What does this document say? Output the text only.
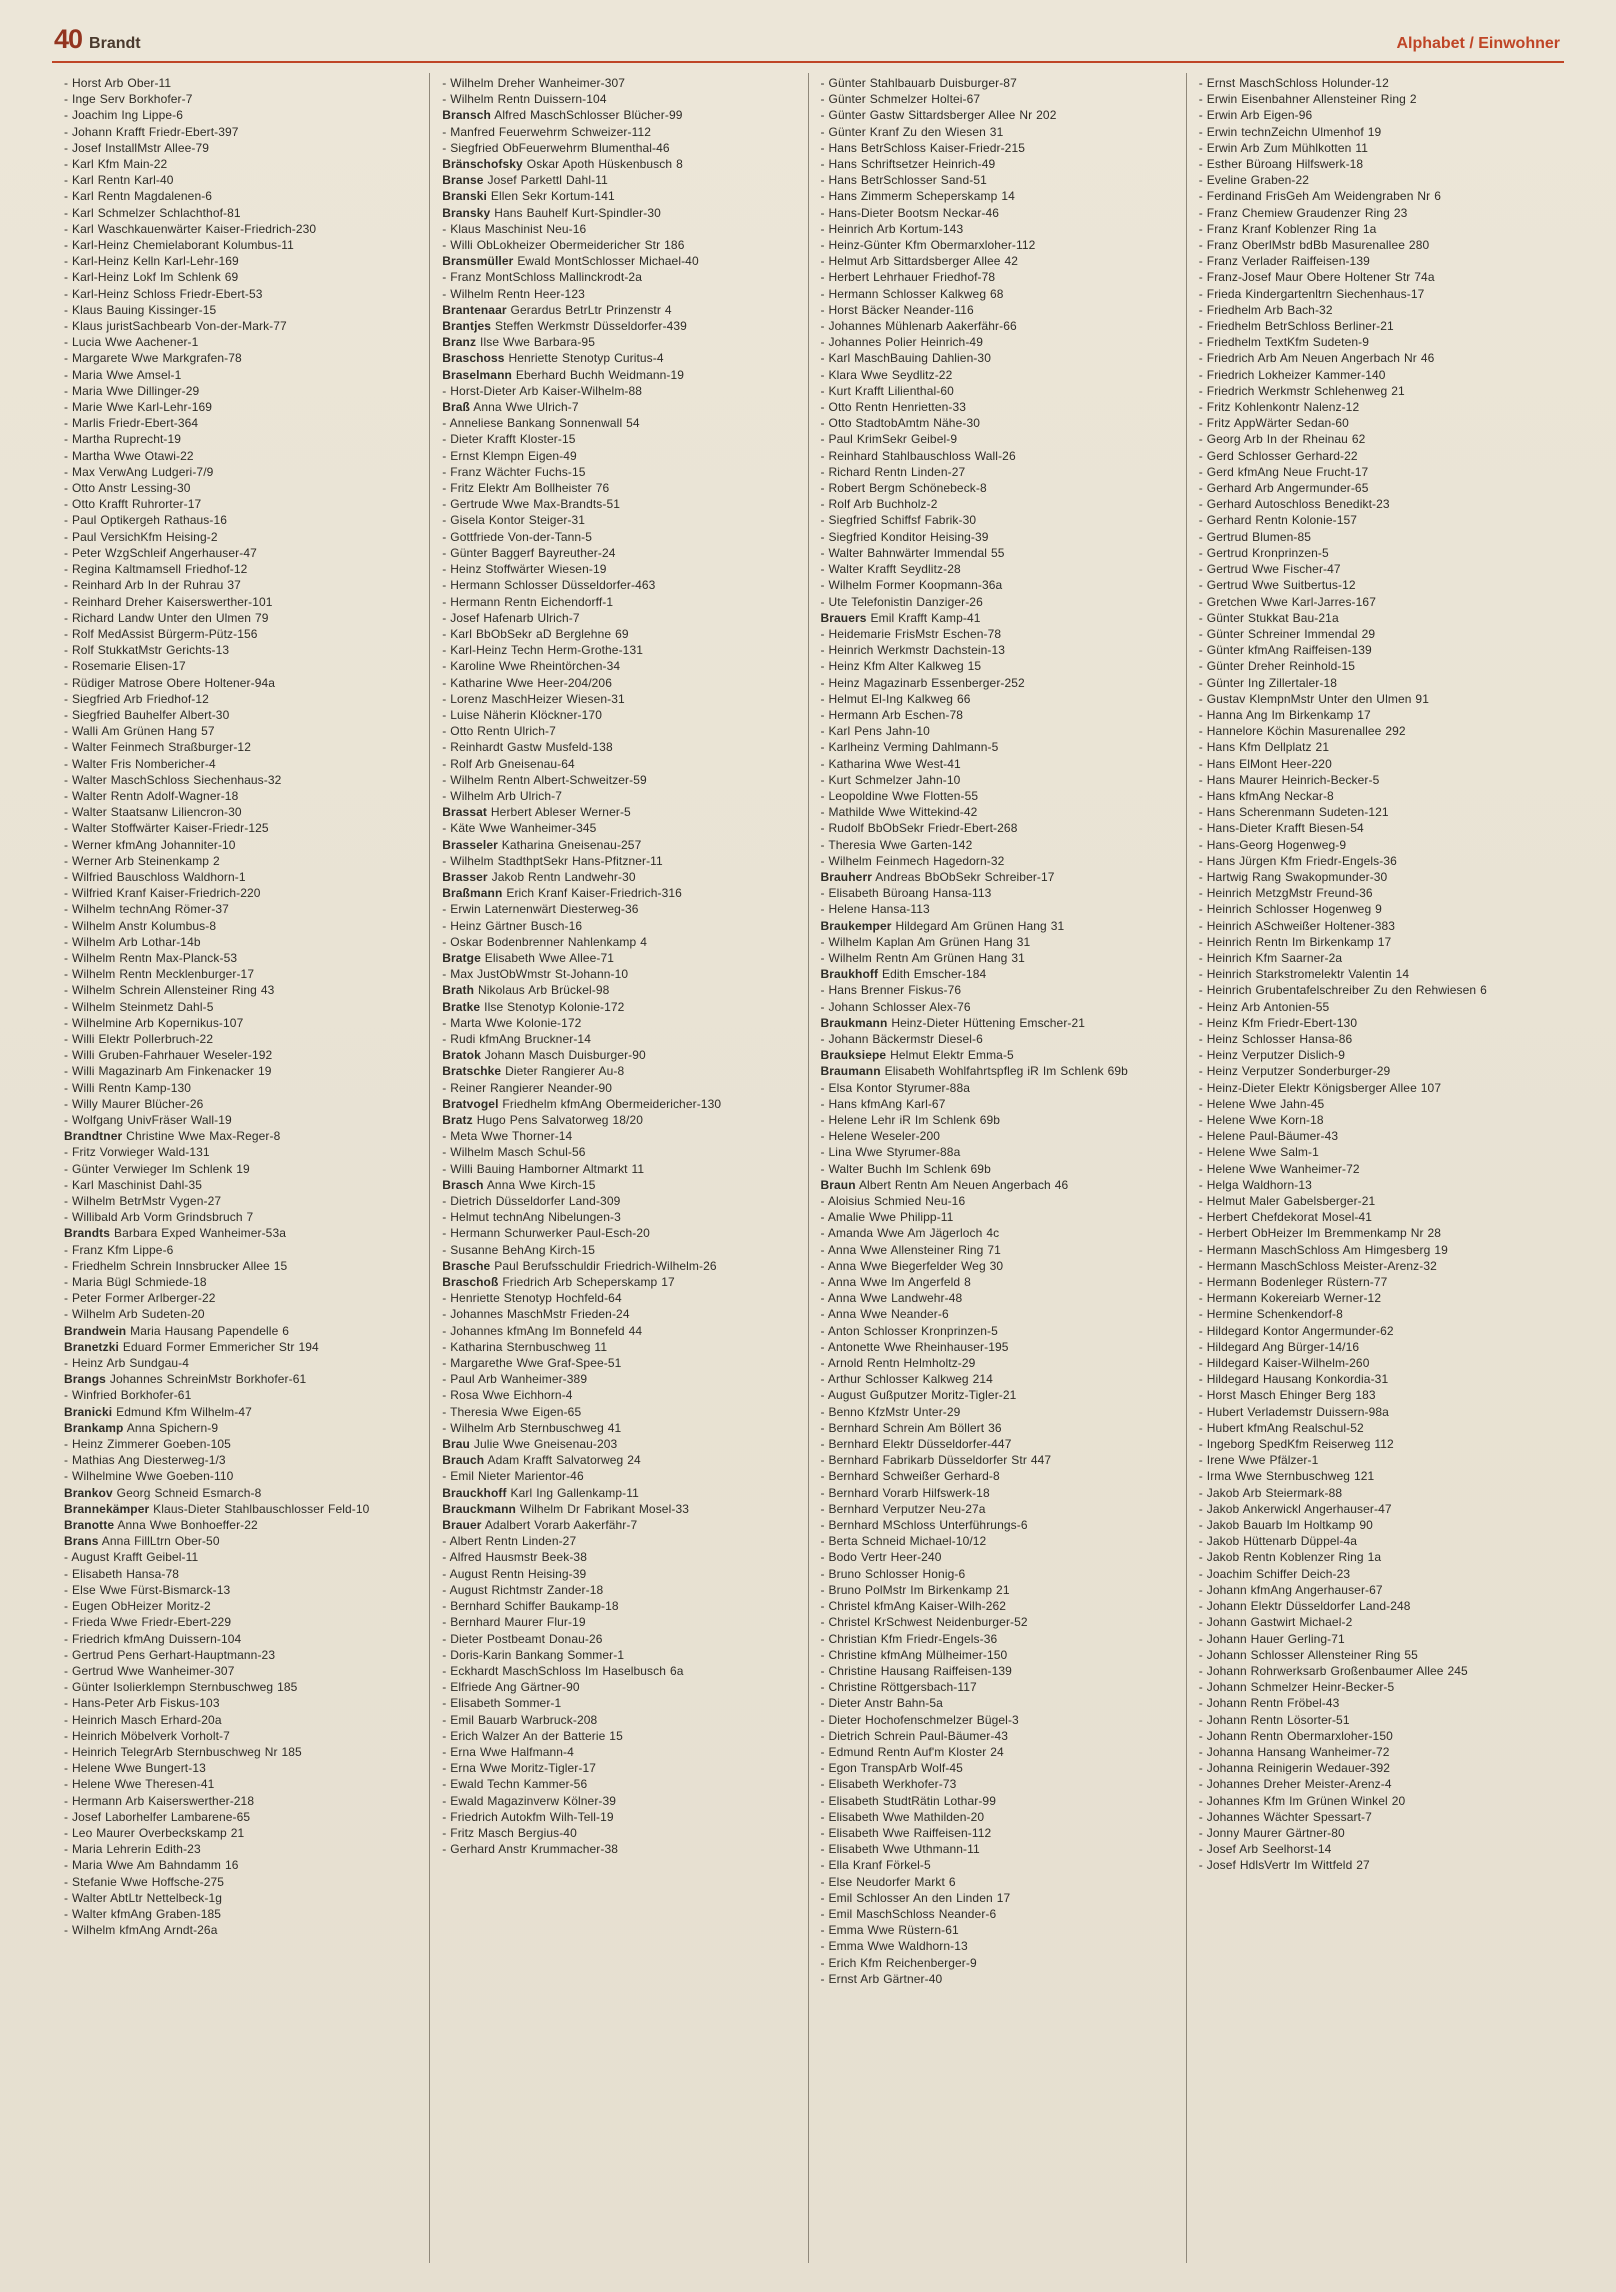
40 Brandt	Alphabet / Einwohner

- Horst Arb Ober-11

- Inge Serv Borkhofer-7

- Joachim Ing Lippe-6

- Johann Krafft Friedr-Ebert-397

- Josef InstallMstr Allee-79

- Karl Kfm Main-22

- Karl Rentn Karl-40

- Karl Rentn Magdalenen-6

- Karl Schmelzer Schlachthof-81

- Karl Waschkauenwärter Kaiser-Friedrich-230

- Karl-Heinz Chemielaborant Kolumbus-11

- Karl-Heinz Kelln Karl-Lehr-169

- Karl-Heinz Lokf Im Schlenk 69

- Karl-Heinz Schloss Friedr-Ebert-53

- Klaus Bauing Kissinger-15

- Klaus juristSachbearb Von-der-Mark-77

- Lucia Wwe Aachener-1

- Margarete Wwe Markgrafen-78

- Maria Wwe Amsel-1

- Maria Wwe Dillinger-29

- Marie Wwe Karl-Lehr-169

- Marlis Friedr-Ebert-364

- Martha Ruprecht-19

- Martha Wwe Otawi-22

- Max VerwAng Ludgeri-7/9

- Otto Anstr Lessing-30

- Otto Krafft Ruhrorter-17

- Paul Optikergeh Rathaus-16

- Paul VersichKfm Heising-2

- Peter WzgSchleif Angerhauser-47

- Regina Kaltmamsell Friedhof-12

- Reinhard Arb In der Ruhrau 37

- Reinhard Dreher Kaiserswerther-101

- Richard Landw Unter den Ulmen 79

- Rolf MedAssist Bürgerm-Pütz-156

- Rolf StukkatMstr Gerichts-13

- Rosemarie Elisen-17

- Rüdiger Matrose Obere Holtener-94a

- Siegfried Arb Friedhof-12

- Siegfried Bauhelfer Albert-30

- Walli Am Grünen Hang 57

- Walter Feinmech Straßburger-12

- Walter Fris Nombericher-4

- Walter MaschSchloss Siechenhaus-32

- Walter Rentn Adolf-Wagner-18

- Walter Staatsanw Liliencron-30

- Walter Stoffwärter Kaiser-Friedr-125

- Werner kfmAng Johanniter-10

- Werner Arb Steinenkamp 2

- Wilfried Bauschloss Waldhorn-1

- Wilfried Kranf Kaiser-Friedrich-220

- Wilhelm technAng Römer-37

- Wilhelm Anstr Kolumbus-8

- Wilhelm Arb Lothar-14b

- Wilhelm Rentn Max-Planck-53

- Wilhelm Rentn Mecklenburger-17

- Wilhelm Schrein Allensteiner Ring 43

- Wilhelm Steinmetz Dahl-5

- Wilhelmine Arb Kopernikus-107

- Willi Elektr Pollerbruch-22

- Willi Gruben-Fahrhauer Weseler-192

- Willi Magazinarb Am Finkenacker 19

- Willi Rentn Kamp-130

- Willy Maurer Blücher-26

- Wolfgang UnivFräser Wall-19

Brandtner Christine Wwe Max-Reger-8

- Fritz Vorwieger Wald-131

- Günter Verwieger Im Schlenk 19

- Karl Maschinist Dahl-35

- Wilhelm BetrMstr Vygen-27

- Willibald Arb Vorm Grindsbruch 7

Brandts Barbara Exped Wanheimer-53a

- Franz Kfm Lippe-6

- Friedhelm Schrein Innsbrucker Allee 15

- Maria Bügl Schmiede-18

- Peter Former Arlberger-22

- Wilhelm Arb Sudeten-20

Brandwein Maria Hausang Papendelle 6

Branetzki Eduard Former Emmericher Str 194

- Heinz Arb Sundgau-4

Brangs Johannes SchreinMstr Borkhofer-61

- Winfried Borkhofer-61

Branicki Edmund Kfm Wilhelm-47

Brankamp Anna Spichern-9

- Heinz Zimmerer Goeben-105

- Mathias Ang Diesterweg-1/3

- Wilhelmine Wwe Goeben-110

Brankov Georg Schneid Esmarch-8

Brannekämper Klaus-Dieter Stahlbauschlosser Feld-10

Branotte Anna Wwe Bonhoeffer-22

Brans Anna FillLtrn Ober-50

- August Krafft Geibel-11

- Elisabeth Hansa-78

- Else Wwe Fürst-Bismarck-13

- Eugen ObHeizer Moritz-2

- Frieda Wwe Friedr-Ebert-229

- Friedrich kfmAng Duissern-104

- Gertrud Pens Gerhart-Hauptmann-23

- Gertrud Wwe Wanheimer-307

- Günter Isolierklempn Sternbuschweg 185

- Hans-Peter Arb Fiskus-103

- Heinrich Masch Erhard-20a

- Heinrich Möbelverk Vorholt-7

- Heinrich TelegrArb Sternbuschweg Nr 185

- Helene Wwe Bungert-13

- Helene Wwe Theresen-41

- Hermann Arb Kaiserswerther-218

- Josef Laborhelfer Lambarene-65

- Leo Maurer Overbeckskamp 21

- Maria Lehrerin Edith-23

- Maria Wwe Am Bahndamm 16

- Stefanie Wwe Hoffsche-275

- Walter AbtLtr Nettelbeck-1g

- Walter kfmAng Graben-185

- Wilhelm kfmAng Arndt-26a

- Wilhelm Dreher Wanheimer-307

- Wilhelm Rentn Duissern-104

Bransch Alfred MaschSchlosser Blücher-99

- Manfred Feuerwehrm Schweizer-112

- Siegfried ObFeuerwehrm Blumenthal-46

Bränschofsky Oskar Apoth Hüskenbusch 8

Branse Josef Parkettl Dahl-11

Branski Ellen Sekr Kortum-141

Bransky Hans Bauhelf Kurt-Spindler-30

- Klaus Maschinist Neu-16

- Willi ObLokheizer Obermeidericher Str 186

Bransmüller Ewald MontSchlosser Michael-40

- Franz MontSchloss Mallinckrodt-2a

- Wilhelm Rentn Heer-123

Brantenaar Gerardus BetrLtr Prinzenstr 4

Brantjes Steffen Werkmstr Düsseldorfer-439

Branz Ilse Wwe Barbara-95

Braschoss Henriette Stenotyp Curitus-4

Braselmann Eberhard Buchh Weidmann-19

- Horst-Dieter Arb Kaiser-Wilhelm-88

Braß Anna Wwe Ulrich-7

- Anneliese Bankang Sonnenwall 54

- Dieter Krafft Kloster-15

- Ernst Klempn Eigen-49

- Franz Wächter Fuchs-15

- Fritz Elektr Am Bollheister 76

- Gertrude Wwe Max-Brandts-51

- Gisela Kontor Steiger-31

- Gottfriede Von-der-Tann-5

- Günter Baggerf Bayreuther-24

- Heinz Stoffwärter Wiesen-19

- Hermann Schlosser Düsseldorfer-463

- Hermann Rentn Eichendorff-1

- Josef Hafenarb Ulrich-7

- Karl BbObSekr aD Berglehne 69

- Karl-Heinz Techn Herm-Grothe-131

- Karoline Wwe Rheintörchen-34

- Katharine Wwe Heer-204/206

- Lorenz MaschHeizer Wiesen-31

- Luise Näherin Klöckner-170

- Otto Rentn Ulrich-7

- Reinhardt Gastw Musfeld-138

- Rolf Arb Gneisenau-64

- Wilhelm Rentn Albert-Schweitzer-59

- Wilhelm Arb Ulrich-7

Brassat Herbert Ableser Werner-5

- Käte Wwe Wanheimer-345

Brasseler Katharina Gneisenau-257

- Wilhelm StadthptSekr Hans-Pfitzner-11

Brasser Jakob Rentn Landwehr-30

Braßmann Erich Kranf Kaiser-Friedrich-316

- Erwin Laternenwärt Diesterweg-36

- Heinz Gärtner Busch-16

- Oskar Bodenbrenner Nahlenkamp 4

Bratge Elisabeth Wwe Allee-71

- Max JustObWmstr St-Johann-10

Brath Nikolaus Arb Brückel-98

Bratke Ilse Stenotyp Kolonie-172

- Marta Wwe Kolonie-172

- Rudi kfmAng Bruckner-14

Bratok Johann Masch Duisburger-90

Bratschke Dieter Rangierer Au-8

- Reiner Rangierer Neander-90

Bratvogel Friedhelm kfmAng Obermeidericher-130

Bratz Hugo Pens Salvatorweg 18/20

- Meta Wwe Thorner-14

- Wilhelm Masch Schul-56

- Willi Bauing Hamborner Altmarkt 11

Brasch Anna Wwe Kirch-15

- Dietrich Düsseldorfer Land-309

- Helmut technAng Nibelungen-3

- Hermann Schurwerker Paul-Esch-20

- Susanne BehAng Kirch-15

Brasche Paul Berufsschuldir Friedrich-Wilhelm-26

Braschoß Friedrich Arb Scheperskamp 17

- Henriette Stenotyp Hochfeld-64

- Johannes MaschMstr Frieden-24

- Johannes kfmAng Im Bonnefeld 44

- Katharina Sternbuschweg 11

- Margarethe Wwe Graf-Spee-51

- Paul Arb Wanheimer-389

- Rosa Wwe Eichhorn-4

- Theresia Wwe Eigen-65

- Wilhelm Arb Sternbuschweg 41

Brau Julie Wwe Gneisenau-203

Brauch Adam Krafft Salvatorweg 24

- Emil Nieter Marientor-46

Brauckhoff Karl Ing Gallenkamp-11

Brauckmann Wilhelm Dr Fabrikant Mosel-33

Brauer Adalbert Vorarb Aakerfähr-7

- Albert Rentn Linden-27

- Alfred Hausmstr Beek-38

- August Rentn Heising-39

- August Richtmstr Zander-18

- Bernhard Schiffer Baukamp-18

- Bernhard Maurer Flur-19

- Dieter Postbeamt Donau-26

- Doris-Karin Bankang Sommer-1

- Eckhardt MaschSchloss Im Haselbusch 6a

- Elfriede Ang Gärtner-90

- Elisabeth Sommer-1

- Emil Bauarb Warbruck-208

- Erich Walzer An der Batterie 15

- Erna Wwe Halfmann-4

- Erna Wwe Moritz-Tigler-17

- Ewald Techn Kammer-56

- Ewald Magazinverw Kölner-39

- Friedrich Autokfm Wilh-Tell-19

- Fritz Masch Bergius-40

- Gerhard Anstr Krummacher-38

- Günter Stahlbauarb Duisburger-87

- Günter Schmelzer Holtei-67

- Günter Gastw Sittardsberger Allee Nr 202

- Günter Kranf Zu den Wiesen 31

- Hans BetrSchloss Kaiser-Friedr-215

- Hans Schriftsetzer Heinrich-49

- Hans BetrSchlosser Sand-51

- Hans Zimmerm Scheperskamp 14

- Hans-Dieter Bootsm Neckar-46

- Heinrich Arb Kortum-143

- Heinz-Günter Kfm Obermarxloher-112

- Helmut Arb Sittardsberger Allee 42

- Herbert Lehrhauer Friedhof-78

- Hermann Schlosser Kalkweg 68

- Horst Bäcker Neander-116

- Johannes Mühlenarb Aakerfähr-66

- Johannes Polier Heinrich-49

- Karl MaschBauing Dahlien-30

- Klara Wwe Seydlitz-22

- Kurt Krafft Lilienthal-60

- Otto Rentn Henrietten-33

- Otto StadtobAmtm Nähe-30

- Paul KrimSekr Geibel-9

- Reinhard Stahlbauschloss Wall-26

- Richard Rentn Linden-27

- Robert Bergm Schönebeck-8

- Rolf Arb Buchholz-2

- Siegfried Schiffsf Fabrik-30

- Siegfried Konditor Heising-39

- Walter Bahnwärter Immendal 55

- Walter Krafft Seydlitz-28

- Wilhelm Former Koopmann-36a

- Ute Telefonistin Danziger-26

Brauers Emil Krafft Kamp-41

- Heidemarie FrisMstr Eschen-78

- Heinrich Werkmstr Dachstein-13

- Heinz Kfm Alter Kalkweg 15

- Heinz Magazinarb Essenberger-252

- Helmut El-Ing Kalkweg 66

- Hermann Arb Eschen-78

- Karl Pens Jahn-10

- Karlheinz Verming Dahlmann-5

- Katharina Wwe West-41

- Kurt Schmelzer Jahn-10

- Leopoldine Wwe Flotten-55

- Mathilde Wwe Wittekind-42

- Rudolf BbObSekr Friedr-Ebert-268

- Theresia Wwe Garten-142

- Wilhelm Feinmech Hagedorn-32

Brauherr Andreas BbObSekr Schreiber-17

- Elisabeth Büroang Hansa-113

- Helene Hansa-113

Braukemper Hildegard Am Grünen Hang 31

- Wilhelm Kaplan Am Grünen Hang 31

- Wilhelm Rentn Am Grünen Hang 31

Braukhoff Edith Emscher-184

- Hans Brenner Fiskus-76

- Johann Schlosser Alex-76

Braukmann Heinz-Dieter Hüttening Emscher-21

- Johann Bäckermstr Diesel-6

Brauksiepe Helmut Elektr Emma-5

Braumann Elisabeth Wohlfahrtspfleg iR Im Schlenk 69b

- Elsa Kontor Styrumer-88a

- Hans kfmAng Karl-67

- Helene Lehr iR Im Schlenk 69b

- Helene Weseler-200

- Lina Wwe Styrumer-88a

- Walter Buchh Im Schlenk 69b

Braun Albert Rentn Am Neuen Angerbach 46

- Aloisius Schmied Neu-16

- Amalie Wwe Philipp-11

- Amanda Wwe Am Jägerloch 4c

- Anna Wwe Allensteiner Ring 71

- Anna Wwe Biegerfelder Weg 30

- Anna Wwe Im Angerfeld 8

- Anna Wwe Landwehr-48

- Anna Wwe Neander-6

- Anton Schlosser Kronprinzen-5

- Antonette Wwe Rheinhauser-195

- Arnold Rentn Helmholtz-29

- Arthur Schlosser Kalkweg 214

- August Gußputzer Moritz-Tigler-21

- Benno KfzMstr Unter-29

- Bernhard Schrein Am Böllert 36

- Bernhard Elektr Düsseldorfer-447

- Bernhard Fabrikarb Düsseldorfer Str 447

- Bernhard Schweißer Gerhard-8

- Bernhard Vorarb Hilfswerk-18

- Bernhard Verputzer Neu-27a

- Bernhard MSchloss Unterführungs-6

- Berta Schneid Michael-10/12

- Bodo Vertr Heer-240

- Bruno Schlosser Honig-6

- Bruno PolMstr Im Birkenkamp 21

- Christel kfmAng Kaiser-Wilh-262

- Christel KrSchwest Neidenburger-52

- Christian Kfm Friedr-Engels-36

- Christine kfmAng Mülheimer-150

- Christine Hausang Raiffeisen-139

- Christine Röttgersbach-117

- Dieter Anstr Bahn-5a

- Dieter Hochofenschmelzer Bügel-3

- Dietrich Schrein Paul-Bäumer-43

- Edmund Rentn Auf'm Kloster 24

- Egon TranspArb Wolf-45

- Elisabeth Werkhofer-73

- Elisabeth StudtRätin Lothar-99

- Elisabeth Wwe Mathilden-20

- Elisabeth Wwe Raiffeisen-112

- Elisabeth Wwe Uthmann-11

- Ella Kranf Förkel-5

- Else Neudorfer Markt 6

- Emil Schlosser An den Linden 17

- Emil MaschSchloss Neander-6

- Emma Wwe Rüstern-61

- Emma Wwe Waldhorn-13

- Erich Kfm Reichenberger-9

- Ernst Arb Gärtner-40

- Ernst MaschSchloss Holunder-12

- Erwin Eisenbahner Allensteiner Ring 2

- Erwin Arb Eigen-96

- Erwin technZeichn Ulmenhof 19

- Erwin Arb Zum Mühlkotten 11

- Esther Büroang Hilfswerk-18

- Eveline Graben-22

- Ferdinand FrisGeh Am Weidengraben Nr 6

- Franz Chemiew Graudenzer Ring 23

- Franz Kranf Koblenzer Ring 1a

- Franz OberlMstr bdBb Masurenallee 280

- Franz Verlader Raiffeisen-139

- Franz-Josef Maur Obere Holtener Str 74a

- Frieda Kindergartenltrn Siechenhaus-17

- Friedhelm Arb Bach-32

- Friedhelm BetrSchloss Berliner-21

- Friedhelm TextKfm Sudeten-9

- Friedrich Arb Am Neuen Angerbach Nr 46

- Friedrich Lokheizer Kammer-140

- Friedrich Werkmstr Schlehenweg 21

- Fritz Kohlenkontr Nalenz-12

- Fritz AppWärter Sedan-60

- Georg Arb In der Rheinau 62

- Gerd Schlosser Gerhard-22

- Gerd kfmAng Neue Frucht-17

- Gerhard Arb Angermunder-65

- Gerhard Autoschloss Benedikt-23

- Gerhard Rentn Kolonie-157

- Gertrud Blumen-85

- Gertrud Kronprinzen-5

- Gertrud Wwe Fischer-47

- Gertrud Wwe Suitbertus-12

- Gretchen Wwe Karl-Jarres-167

- Günter Stukkat Bau-21a

- Günter Schreiner Immendal 29

- Günter kfmAng Raiffeisen-139

- Günter Dreher Reinhold-15

- Günter Ing Zillertaler-18

- Gustav KlempnMstr Unter den Ulmen 91

- Hanna Ang Im Birkenkamp 17

- Hannelore Köchin Masurenallee 292

- Hans Kfm Dellplatz 21

- Hans ElMont Heer-220

- Hans Maurer Heinrich-Becker-5

- Hans kfmAng Neckar-8

- Hans Scherenmann Sudeten-121

- Hans-Dieter Krafft Biesen-54

- Hans-Georg Hogenweg-9

- Hans Jürgen Kfm Friedr-Engels-36

- Hartwig Rang Swakopmunder-30

- Heinrich MetzgMstr Freund-36

- Heinrich Schlosser Hogenweg 9

- Heinrich ASchweißer Holtener-383

- Heinrich Rentn Im Birkenkamp 17

- Heinrich Kfm Saarner-2a

- Heinrich Starkstromelektr Valentin 14

- Heinrich Grubentafelschreiber Zu den Rehwiesen 6

- Heinz Arb Antonien-55

- Heinz Kfm Friedr-Ebert-130

- Heinz Schlosser Hansa-86

- Heinz Verputzer Dislich-9

- Heinz Verputzer Sonderburger-29

- Heinz-Dieter Elektr Königsberger Allee 107

- Helene Wwe Jahn-45

- Helene Wwe Korn-18

- Helene Paul-Bäumer-43

- Helene Wwe Salm-1

- Helene Wwe Wanheimer-72

- Helga Waldhorn-13

- Helmut Maler Gabelsberger-21

- Herbert Chefdekorat Mosel-41

- Herbert ObHeizer Im Bremmenkamp Nr 28

- Hermann MaschSchloss Am Himgesberg 19

- Hermann MaschSchloss Meister-Arenz-32

- Hermann Bodenleger Rüstern-77

- Hermann Kokereiarb Werner-12

- Hermine Schenkendorf-8

- Hildegard Kontor Angermunder-62

- Hildegard Ang Bürger-14/16

- Hildegard Kaiser-Wilhelm-260

- Hildegard Hausang Konkordia-31

- Horst Masch Ehinger Berg 183

- Hubert Verlademstr Duissern-98a

- Hubert kfmAng Realschul-52

- Ingeborg SpedKfm Reiserweg 112

- Irene Wwe Pfälzer-1

- Irma Wwe Sternbuschweg 121

- Jakob Arb Steiermark-88

- Jakob Ankerwickl Angerhauser-47

- Jakob Bauarb Im Holtkamp 90

- Jakob Hüttenarb Düppel-4a

- Jakob Rentn Koblenzer Ring 1a

- Joachim Schiffer Deich-23

- Johann kfmAng Angerhauser-67

- Johann Elektr Düsseldorfer Land-248

- Johann Gastwirt Michael-2

- Johann Hauer Gerling-71

- Johann Schlosser Allensteiner Ring 55

- Johann Rohrwerksarb Großenbaumer Allee 245

- Johann Schmelzer Heinr-Becker-5

- Johann Rentn Fröbel-43

- Johann Rentn Lösorter-51

- Johann Rentn Obermarxloher-150

- Johanna Hansang Wanheimer-72

- Johanna Reinigerin Wedauer-392

- Johannes Dreher Meister-Arenz-4

- Johannes Kfm Im Grünen Winkel 20

- Johannes Wächter Spessart-7

- Jonny Maurer Gärtner-80

- Josef Arb Seelhorst-14

- Josef HdlsVertr Im Wittfeld 27
